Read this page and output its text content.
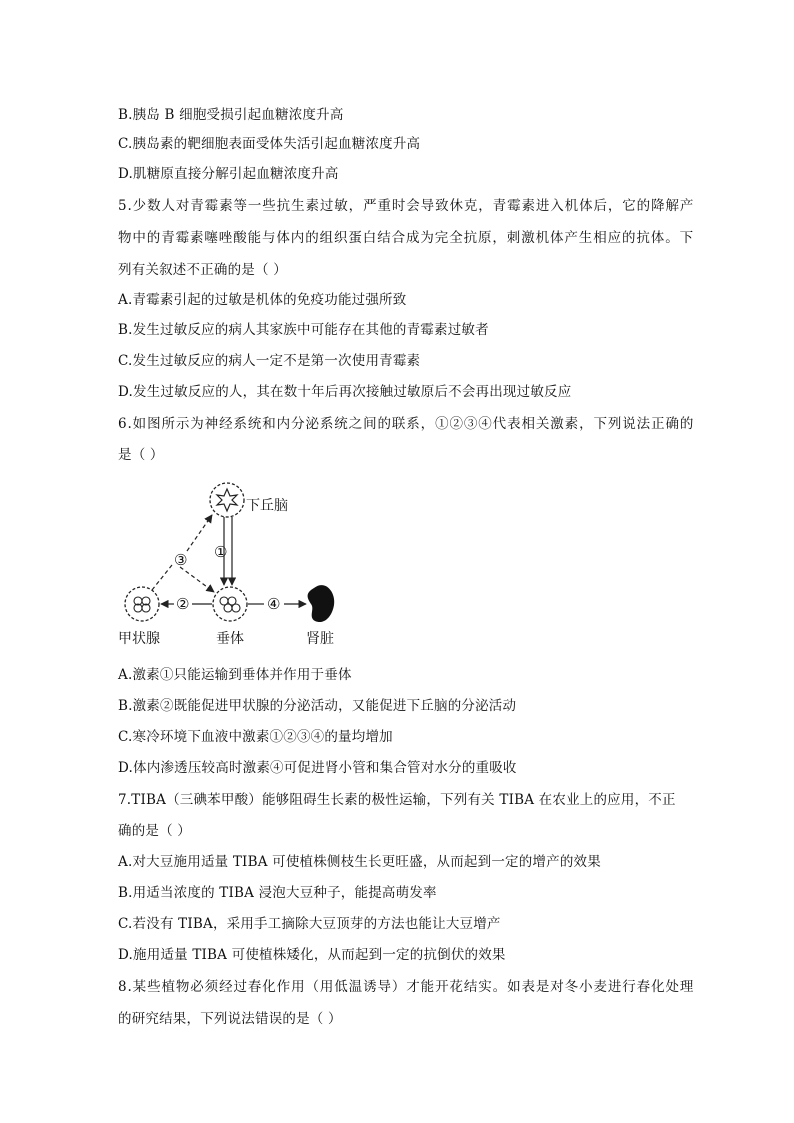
B.胰岛 B 细胞受损引起血糖浓度升高
C.胰岛素的靶细胞表面受体失活引起血糖浓度升高
D.肌糖原直接分解引起血糖浓度升高
5.少数人对青霉素等一些抗生素过敏，严重时会导致休克，青霉素进入机体后，它的降解产
物中的青霉素噻唑酸能与体内的组织蛋白结合成为完全抗原，刺激机体产生相应的抗体。下
列有关叙述不正确的是（ ）
A.青霉素引起的过敏是机体的免疫功能过强所致
B.发生过敏反应的病人其家族中可能存在其他的青霉素过敏者
C.发生过敏反应的病人一定不是第一次使用青霉素
D.发生过敏反应的人，其在数十年后再次接触过敏原后不会再出现过敏反应
6.如图所示为神经系统和内分泌系统之间的联系，①②③④代表相关激素，下列说法正确的
是（ ）
下丘脑
垂体
甲状腺	肾脏
①
③
②	④
A.激素①只能运输到垂体并作用于垂体
B.激素②既能促进甲状腺的分泌活动，又能促进下丘脑的分泌活动
C.寒冷环境下血液中激素①②③④的量均增加
D.体内渗透压较高时激素④可促进肾小管和集合管对水分的重吸收
7.TIBA（三碘苯甲酸）能够阻碍生长素的极性运输，下列有关 TIBA 在农业上的应用，不正
确的是（ ）
A.对大豆施用适量 TIBA 可使植株侧枝生长更旺盛，从而起到一定的增产的效果
B.用适当浓度的 TIBA 浸泡大豆种子，能提高萌发率
C.若没有 TIBA，采用手工摘除大豆顶芽的方法也能让大豆增产
D.施用适量 TIBA 可使植株矮化，从而起到一定的抗倒伏的效果
8.某些植物必须经过春化作用（用低温诱导）才能开花结实。如表是对冬小麦进行春化处理
的研究结果，下列说法错误的是（ ）
